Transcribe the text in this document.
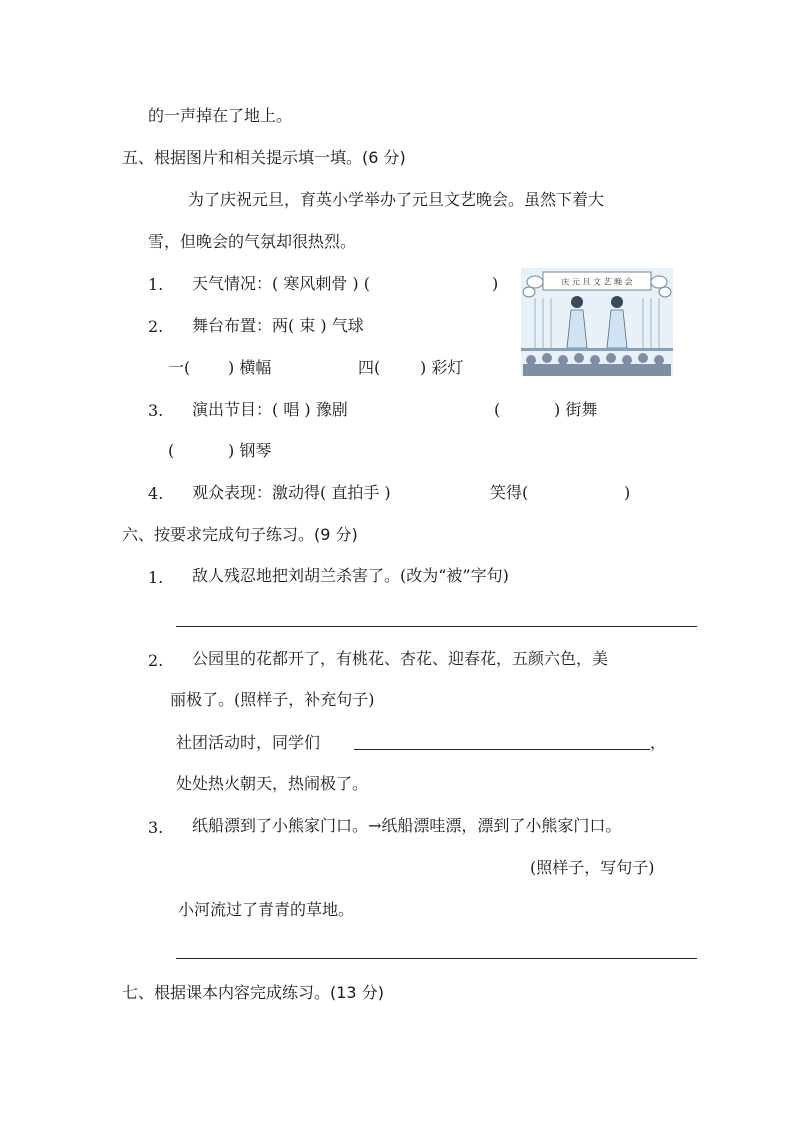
的一声掉在了地上。
五、根据图片和相关提示填一填。(6 分)
为了庆祝元旦，育英小学举办了元旦文艺晚会。虽然下着大
雪，但晚会的气氛却很热烈。
1. 天气情况：( 寒风刺骨 ) (	)
2. 舞台布置：两( 束 ) 气球
一( ) 横幅	四( ) 彩灯
3. 演出节目：( 唱 ) 豫剧	(	) 街舞
(	) 钢琴
4. 观众表现：激动得( 直拍手 )	笑得(	)
庆 元 旦 文 艺 晚 会
六、按要求完成句子练习。(9 分)
1. 敌人残忍地把刘胡兰杀害了。(改为“被”字句)
2. 公园里的花都开了，有桃花、杏花、迎春花，五颜六色，美
丽极了。(照样子，补充句子)
社团活动时，同学们	，
处处热火朝天，热闹极了。
3. 纸船漂到了小熊家门口。→纸船漂哇漂，漂到了小熊家门口。
(照样子，写句子)
小河流过了青青的草地。
七、根据课本内容完成练习。(13 分)
